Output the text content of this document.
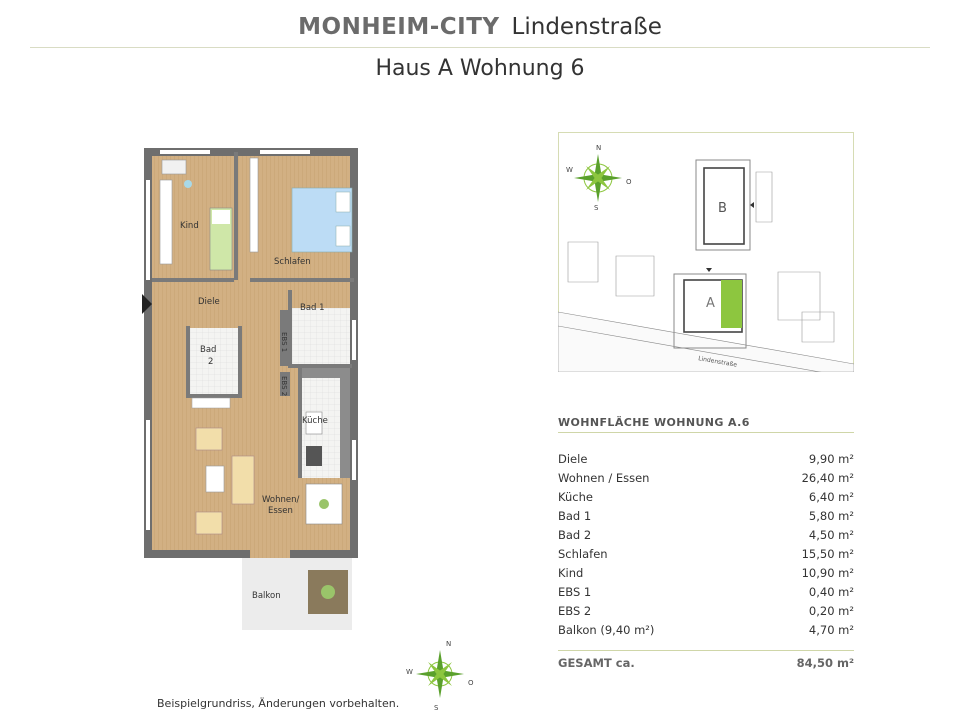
MONHEIM-CITY Lindenstraße
Haus A Wohnung 6
Kind
Schlafen
Diele
Bad 1
Bad
2
Küche
Wohnen/
Essen
Balkon
EBS 1
EBS 2
Lindenstraße
B
A
N
W
O
S
WOHNFLÄCHE WOHNUNG A.6
Diele	9,90 m²
Wohnen / Essen	26,40 m²
Küche	6,40 m²
Bad 1	5,80 m²
Bad 2	4,50 m²
Schlafen	15,50 m²
Kind	10,90 m²
EBS 1	0,40 m²
EBS 2	0,20 m²
Balkon (9,40 m²)	4,70 m²
GESAMT ca.	84,50 m²
N
W
O
S
Beispielgrundriss, Änderungen vorbehalten.
